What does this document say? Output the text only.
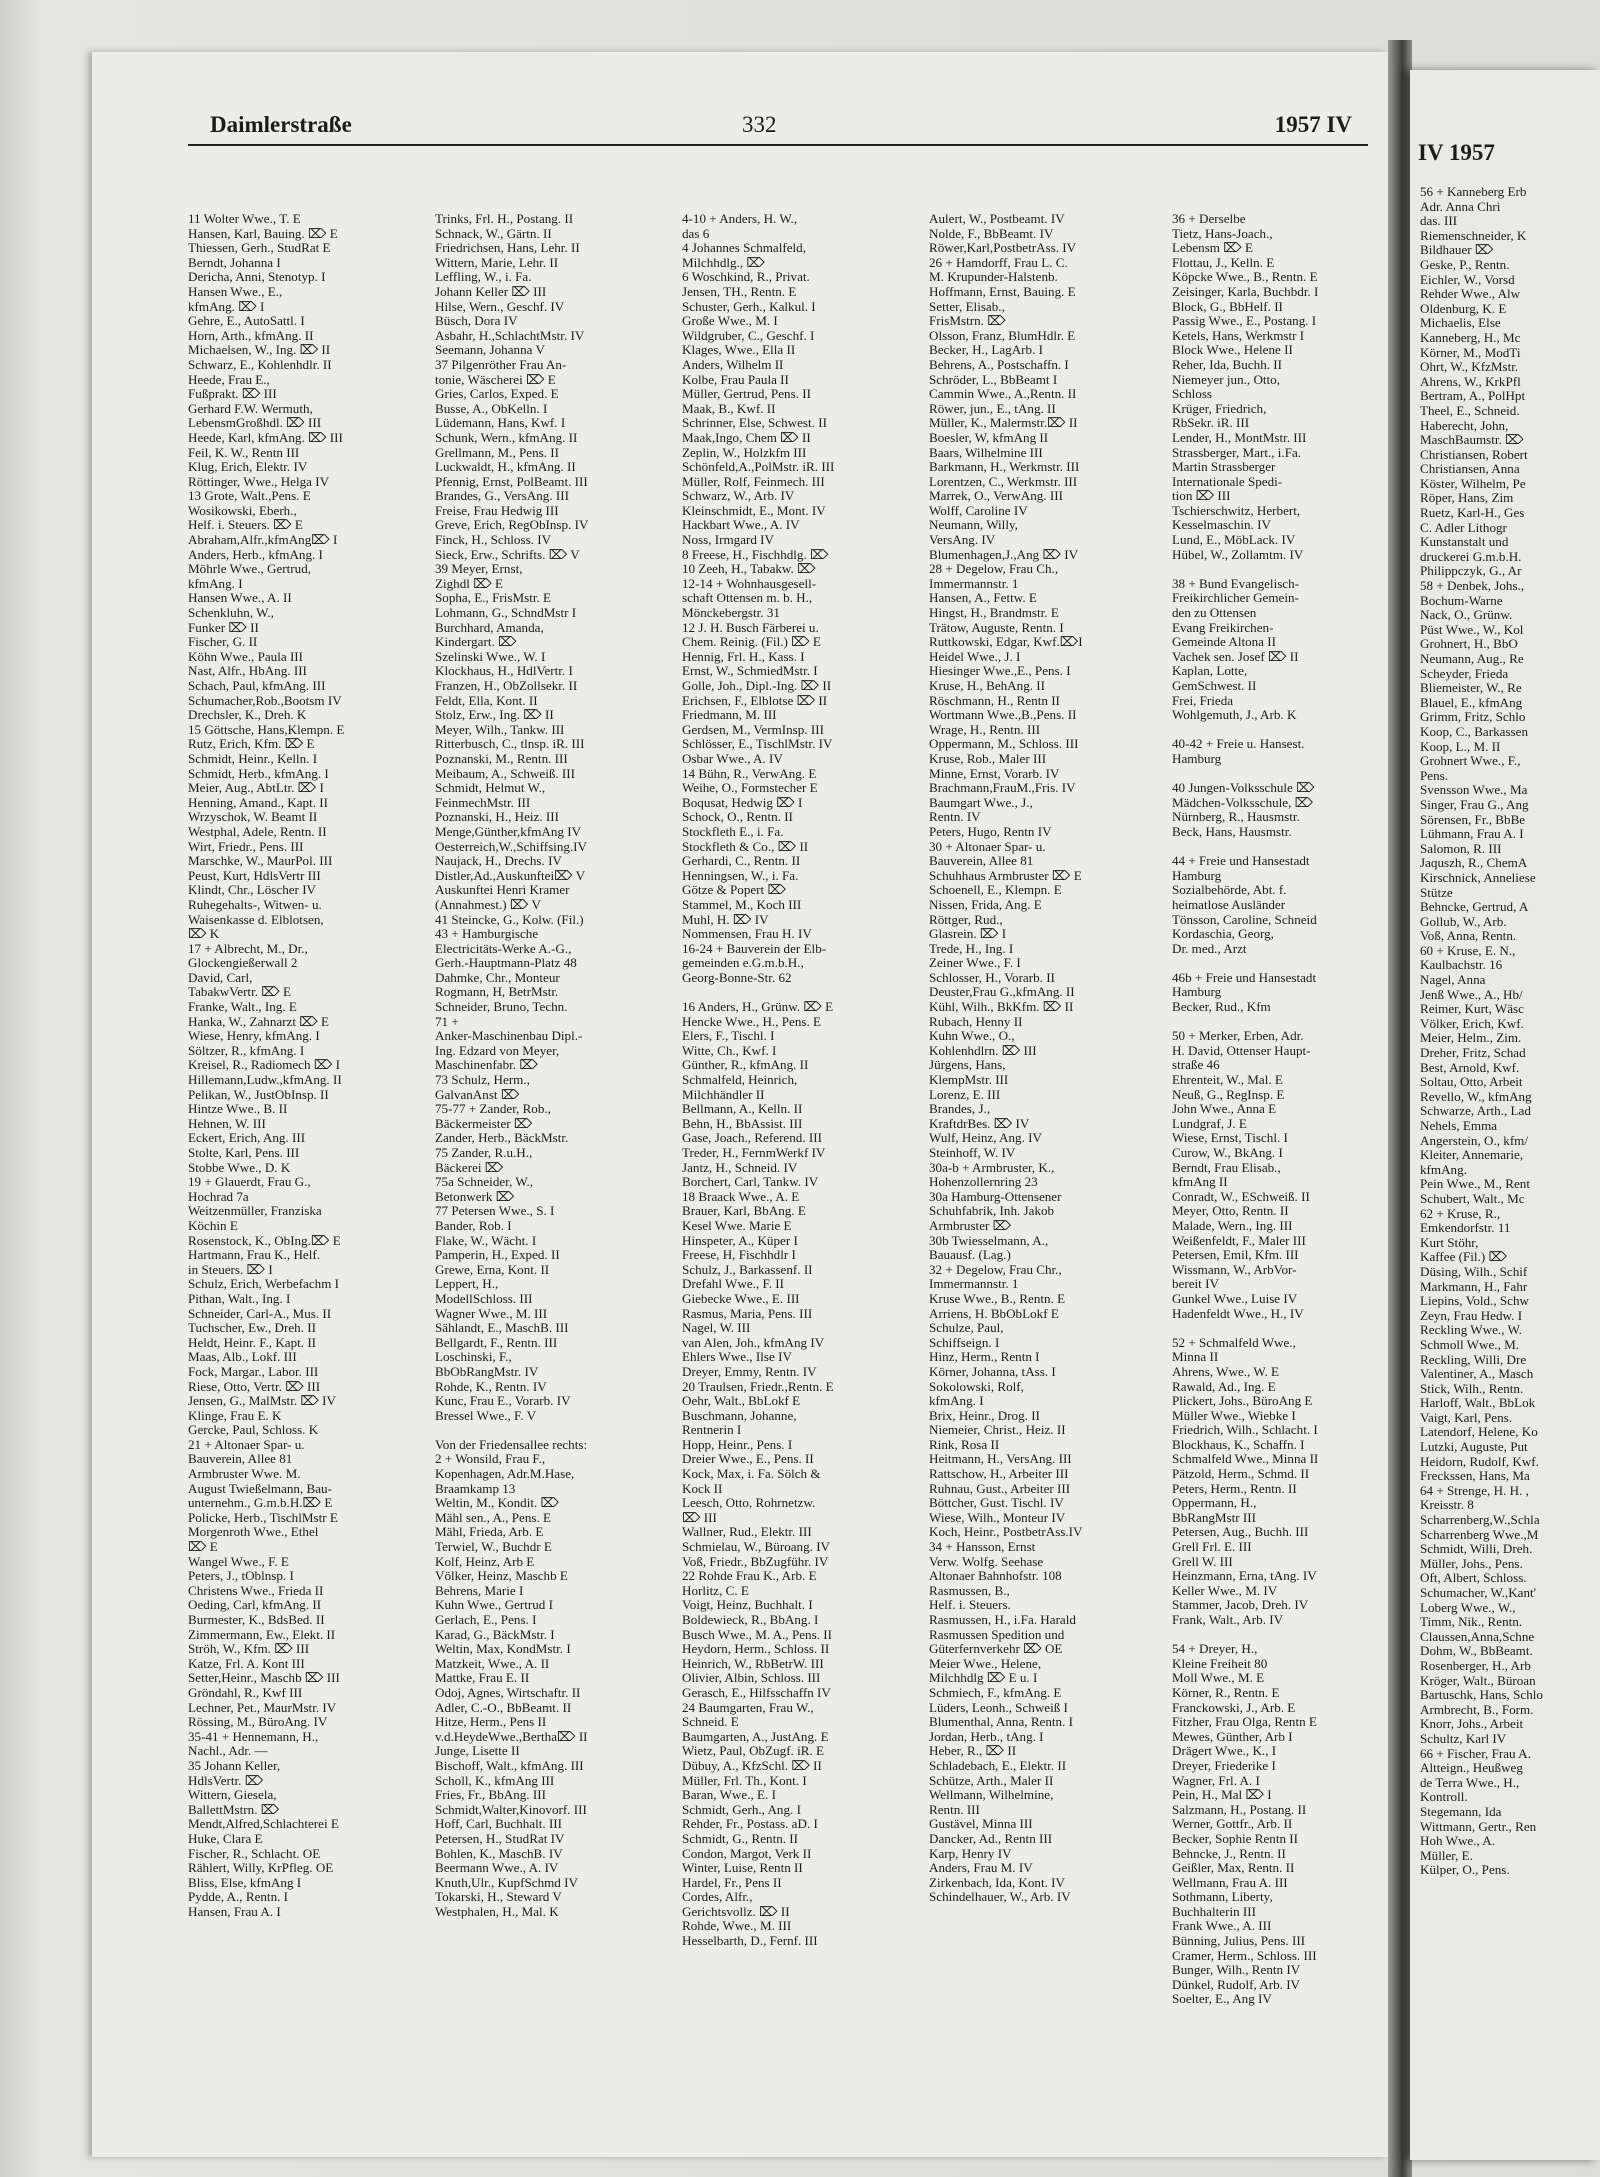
Daimlerstraße	332	1957 IV
11 Wolter Wwe., T. E
Hansen, Karl, Bauing. ⌦ E
Thiessen, Gerh., StudRat E
Berndt, Johanna I
Dericha, Anni, Stenotyp. I
Hansen Wwe., E.,
kfmAng. ⌦ I
Gehre, E., AutoSattl. I
Horn, Arth., kfmAng. II
Michaelsen, W., Ing. ⌦ II
Schwarz, E., Kohlenhdlr. II
Heede, Frau E.,
Fußprakt. ⌦ III
Gerhard F.W. Wermuth,
LebensmGroßhdl. ⌦ III
Heede, Karl, kfmAng. ⌦ III
Feil, K. W., Rentn III
Klug, Erich, Elektr. IV
Röttinger, Wwe., Helga IV
13 Grote, Walt.,Pens. E
Wosikowski, Eberh.,
Helf. i. Steuers. ⌦ E
Abraham,Alfr.,kfmAng⌦ I
Anders, Herb., kfmAng. I
Möhrle Wwe., Gertrud,
kfmAng. I
Hansen Wwe., A. II
Schenkluhn, W.,
Funker ⌦ II
Fischer, G. II
Köhn Wwe., Paula III
Nast, Alfr., HbAng. III
Schach, Paul, kfmAng. III
Schumacher,Rob.,Bootsm IV
Drechsler, K., Dreh. K
15 Göttsche, Hans,Klempn. E
Rutz, Erich, Kfm. ⌦ E
Schmidt, Heinr., Kelln. I
Schmidt, Herb., kfmAng. I
Meier, Aug., AbtLtr. ⌦ I
Henning, Amand., Kapt. II
Wrzyschok, W. Beamt II
Westphal, Adele, Rentn. II
Wirt, Friedr., Pens. III
Marschke, W., MaurPol. III
Peust, Kurt, HdlsVertr III
Klindt, Chr., Löscher IV
Ruhegehalts-, Witwen- u.
Waisenkasse d. Elblotsen,
⌦ K
17 + Albrecht, M., Dr.,
Glockengießerwall 2
David, Carl,
TabakwVertr. ⌦ E
Franke, Walt., Ing. E
Hanka, W., Zahnarzt ⌦ E
Wiese, Henry, kfmAng. I
Söltzer, R., kfmAng. I
Kreisel, R., Radiomech ⌦ I
Hillemann,Ludw.,kfmAng. II
Pelikan, W., JustObInsp. II
Hintze Wwe., B. II
Hehnen, W. III
Eckert, Erich, Ang. III
Stolte, Karl, Pens. III
Stobbe Wwe., D. K
19 + Glauerdt, Frau G.,
Hochrad 7a
Weitzenmüller, Franziska
Köchin E
Rosenstock, K., ObIng.⌦ E
Hartmann, Frau K., Helf.
in Steuers. ⌦ I
Schulz, Erich, Werbefachm I
Pithan, Walt., Ing. I
Schneider, Carl-A., Mus. II
Tuchscher, Ew., Dreh. II
Heldt, Heinr. F., Kapt. II
Maas, Alb., Lokf. III
Fock, Margar., Labor. III
Riese, Otto, Vertr. ⌦ III
Jensen, G., MalMstr. ⌦ IV
Klinge, Frau E. K
Gercke, Paul, Schloss. K
21 + Altonaer Spar- u.
Bauverein, Allee 81
Armbruster Wwe. M.
August Twießelmann, Bau-
unternehm., G.m.b.H.⌦ E
Policke, Herb., TischlMstr E
Morgenroth Wwe., Ethel
⌦ E
Wangel Wwe., F. E
Peters, J., tOblnsp. I
Christens Wwe., Frieda II
Oeding, Carl, kfmAng. II
Burmester, K., BdsBed. II
Zimmermann, Ew., Elekt. II
Ströh, W., Kfm. ⌦ III
Katze, Frl. A. Kont III
Setter,Heinr., Maschb ⌦ III
Gröndahl, R., Kwf III
Lechner, Pet., MaurMstr. IV
Rössing, M., BüroAng. IV
35-41 + Hennemann, H.,
Nachl., Adr. —
35 Johann Keller,
HdlsVertr. ⌦
Wittern, Giesela,
BallettMstrn. ⌦
Mendt,Alfred,Schlachterei E
Huke, Clara E
Fischer, R., Schlacht. OE
Rählert, Willy, KrPfleg. OE
Bliss, Else, kfmAng I
Pydde, A., Rentn. I
Hansen, Frau A. I
Trinks, Frl. H., Postang. II
Schnack, W., Gärtn. II
Friedrichsen, Hans, Lehr. II
Wittern, Marie, Lehr. II
Leffling, W., i. Fa.
Johann Keller ⌦ III
Hilse, Wern., Geschf. IV
Büsch, Dora IV
Asbahr, H.,SchlachtMstr. IV
Seemann, Johanna V
37 Pilgenröther Frau An-
tonie, Wäscherei ⌦ E
Gries, Carlos, Exped. E
Busse, A., ObKelln. I
Lüdemann, Hans, Kwf. I
Schunk, Wern., kfmAng. II
Grellmann, M., Pens. II
Luckwaldt, H., kfmAng. II
Pfennig, Ernst, PolBeamt. III
Brandes, G., VersAng. III
Freise, Frau Hedwig III
Greve, Erich, RegObInsp. IV
Finck, H., Schloss. IV
Sieck, Erw., Schrifts. ⌦ V
39 Meyer, Ernst,
Zighdl ⌦ E
Sopha, E., FrisMstr. E
Lohmann, G., SchndMstr I
Burchhard, Amanda,
Kindergart. ⌦
Szelinski Wwe., W. I
Klockhaus, H., HdlVertr. I
Franzen, H., ObZollsekr. II
Feldt, Ella, Kont. II
Stolz, Erw., Ing. ⌦ II
Meyer, Wilh., Tankw. III
Ritterbusch, C., tlnsp. iR. III
Poznanski, M., Rentn. III
Meibaum, A., Schweiß. III
Schmidt, Helmut W.,
FeinmechMstr. III
Poznanski, H., Heiz. III
Menge,Günther,kfmAng IV
Oesterreich,W.,Schiffsing.IV
Naujack, H., Drechs. IV
Distler,Ad.,Auskunftei⌦ V
Auskunftei Henri Kramer
(Annahmest.) ⌦ V
41 Steincke, G., Kolw. (Fil.)
43 + Hamburgische
Electricitäts-Werke A.-G.,
Gerh.-Hauptmann-Platz 48
Dahmke, Chr., Monteur
Rogmann, H, BetrMstr.
Schneider, Bruno, Techn.
71 +
Anker-Maschinenbau Dipl.-
Ing. Edzard von Meyer,
Maschinenfabr. ⌦
73 Schulz, Herm.,
GalvanAnst ⌦
75-77 + Zander, Rob.,
Bäckermeister ⌦
Zander, Herb., BäckMstr.
75 Zander, R.u.H.,
Bäckerei ⌦
75a Schneider, W.,
Betonwerk ⌦
77 Petersen Wwe., S. I
Bander, Rob. I
Flake, W., Wächt. I
Pamperin, H., Exped. II
Grewe, Erna, Kont. II
Leppert, H.,
ModellSchloss. III
Wagner Wwe., M. III
Sählandt, E., MaschB. III
Bellgardt, F., Rentn. III
Loschinski, F.,
BbObRangMstr. IV
Rohde, K., Rentn. IV
Kunc, Frau E., Vorarb. IV
Bressel Wwe., F. V
Von der Friedensallee rechts:
2 + Wonsild, Frau F.,
Kopenhagen, Adr.M.Hase,
Braamkamp 13
Weltin, M., Kondit. ⌦
Mähl sen., A., Pens. E
Mähl, Frieda, Arb. E
Terwiel, W., Buchdr E
Kolf, Heinz, Arb E
Völker, Heinz, Maschb E
Behrens, Marie I
Kuhn Wwe., Gertrud I
Gerlach, E., Pens. I
Karad, G., BäckMstr. I
Weltin, Max, KondMstr. I
Matzkeit, Wwe., A. II
Mattke, Frau E. II
Odoj, Agnes, Wirtschaftr. II
Adler, C.-O., BbBeamt. II
Hitze, Herm., Pens II
v.d.HeydeWwe.,Bertha⌦ II
Junge, Lisette II
Bischoff, Walt., kfmAng. III
Scholl, K., kfmAng III
Fries, Fr., BbAng. III
Schmidt,Walter,Kinovorf. III
Hoff, Carl, Buchhalt. III
Petersen, H., StudRat IV
Bohlen, K., MaschB. IV
Beermann Wwe., A. IV
Knuth,Ulr., KupfSchmd IV
Tokarski, H., Steward V
Westphalen, H., Mal. K
4-10 + Anders, H. W.,
das 6
4 Johannes Schmalfeld,
Milchhdlg., ⌦
6 Woschkind, R., Privat.
Jensen, TH., Rentn. E
Schuster, Gerh., Kalkul. I
Große Wwe., M. I
Wildgruber, C., Geschf. I
Klages, Wwe., Ella II
Anders, Wilhelm II
Kolbe, Frau Paula II
Müller, Gertrud, Pens. II
Maak, B., Kwf. II
Schrinner, Else, Schwest. II
Maak,Ingo, Chem ⌦ II
Zeplin, W., Holzkfm III
Schönfeld,A.,PolMstr. iR. III
Müller, Rolf, Feinmech. III
Schwarz, W., Arb. IV
Kleinschmidt, E., Mont. IV
Hackbart Wwe., A. IV
Noss, Irmgard IV
8 Freese, H., Fischhdlg. ⌦
10 Zeeh, H., Tabakw. ⌦
12-14 + Wohnhausgesell-
schaft Ottensen m. b. H.,
Mönckebergstr. 31
12 J. H. Busch Färberei u.
Chem. Reinig. (Fil.) ⌦ E
Hennig, Frl. H., Kass. I
Ernst, W., SchmiedMstr. I
Golle, Joh., Dipl.-Ing. ⌦ II
Erichsen, F., Elblotse ⌦ II
Friedmann, M. III
Gerdsen, M., VermInsp. III
Schlösser, E., TischlMstr. IV
Osbar Wwe., A. IV
14 Bühn, R., VerwAng. E
Weihe, O., Formstecher E
Boqusat, Hedwig ⌦ I
Schock, O., Rentn. II
Stockfleth E., i. Fa.
Stockfleth & Co., ⌦ II
Gerhardi, C., Rentn. II
Henningsen, W., i. Fa.
Götze & Popert ⌦
Stammel, M., Koch III
Muhl, H. ⌦ IV
Nommensen, Frau H. IV
16-24 + Bauverein der Elb-
gemeinden e.G.m.b.H.,
Georg-Bonne-Str. 62
16 Anders, H., Grünw. ⌦ E
Hencke Wwe., H., Pens. E
Elers, F., Tischl. I
Witte, Ch., Kwf. I
Günther, R., kfmAng. II
Schmalfeld, Heinrich,
Milchhändler II
Bellmann, A., Kelln. II
Behn, H., BbAssist. III
Gase, Joach., Referend. III
Treder, H., FernmWerkf IV
Jantz, H., Schneid. IV
Borchert, Carl, Tankw. IV
18 Braack Wwe., A. E
Brauer, Karl, BbAng. E
Kesel Wwe. Marie E
Hinspeter, A., Küper I
Freese, H, Fischhdlr I
Schulz, J., Barkassenf. II
Drefahl Wwe., F. II
Giebecke Wwe., E. III
Rasmus, Maria, Pens. III
Nagel, W. III
van Alen, Joh., kfmAng IV
Ehlers Wwe., Ilse IV
Dreyer, Emmy, Rentn. IV
20 Traulsen, Friedr.,Rentn. E
Oehr, Walt., BbLokf E
Buschmann, Johanne,
Rentnerin I
Hopp, Heinr., Pens. I
Dreier Wwe., E., Pens. II
Kock, Max, i. Fa. Sölch &
Kock II
Leesch, Otto, Rohrnetzw.
⌦ III
Wallner, Rud., Elektr. III
Schmielau, W., Büroang. IV
Voß, Friedr., BbZugführ. IV
22 Rohde Frau K., Arb. E
Horlitz, C. E
Voigt, Heinz, Buchhalt. I
Boldewieck, R., BbAng. I
Busch Wwe., M. A., Pens. II
Heydorn, Herm., Schloss. II
Heinrich, W., RbBetrW. III
Olivier, Albin, Schloss. III
Gerasch, E., Hilfsschaffn IV
24 Baumgarten, Frau W.,
Schneid. E
Baumgarten, A., JustAng. E
Wietz, Paul, ObZugf. iR. E
Dübuy, A., KfzSchl. ⌦ II
Müller, Frl. Th., Kont. I
Baran, Wwe., E. I
Schmidt, Gerh., Ang. I
Rehder, Fr., Postass. aD. I
Schmidt, G., Rentn. II
Condon, Margot, Verk II
Winter, Luise, Rentn II
Hardel, Fr., Pens II
Cordes, Alfr.,
Gerichtsvollz. ⌦ II
Rohde, Wwe., M. III
Hesselbarth, D., Fernf. III
Aulert, W., Postbeamt. IV
Nolde, F., BbBeamt. IV
Röwer,Karl,PostbetrAss. IV
26 + Hamdorff, Frau L. C.
M. Krupunder-Halstenb.
Hoffmann, Ernst, Bauing. E
Setter, Elisab.,
FrisMstrn. ⌦
Olsson, Franz, BlumHdlr. E
Becker, H., LagArb. I
Behrens, A., Postschaffn. I
Schröder, L., BbBeamt I
Cammin Wwe., A.,Rentn. II
Röwer, jun., E., tAng. II
Müller, K., Malermstr.⌦ II
Boesler, W, kfmAng II
Baars, Wilhelmine III
Barkmann, H., Werkmstr. III
Lorentzen, C., Werkmstr. III
Marrek, O., VerwAng. III
Wolff, Caroline IV
Neumann, Willy,
VersAng. IV
Blumenhagen,J.,Ang ⌦ IV
28 + Degelow, Frau Ch.,
Immermannstr. 1
Hansen, A., Fettw. E
Hingst, H., Brandmstr. E
Trätow, Auguste, Rentn. I
Ruttkowski, Edgar, Kwf.⌦I
Heidel Wwe., J. I
Hiesinger Wwe.,E., Pens. I
Kruse, H., BehAng. II
Röschmann, H., Rentn II
Wortmann Wwe.,B.,Pens. II
Wrage, H., Rentn. III
Oppermann, M., Schloss. III
Kruse, Rob., Maler III
Minne, Ernst, Vorarb. IV
Brachmann,FrauM.,Fris. IV
Baumgart Wwe., J.,
Rentn. IV
Peters, Hugo, Rentn IV
30 + Altonaer Spar- u.
Bauverein, Allee 81
Schuhhaus Armbruster ⌦ E
Schoenell, E., Klempn. E
Nissen, Frida, Ang. E
Röttger, Rud.,
Glasrein. ⌦ I
Trede, H., Ing. I
Zeiner Wwe., F. I
Schlosser, H., Vorarb. II
Deuster,Frau G.,kfmAng. II
Kühl, Wilh., BkKfm. ⌦ II
Rubach, Henny II
Kuhn Wwe., O.,
Kohlenhdlrn. ⌦ III
Jürgens, Hans,
KlempMstr. III
Lorenz, E. III
Brandes, J.,
KraftdrBes. ⌦ IV
Wulf, Heinz, Ang. IV
Steinhoff, W. IV
30a-b + Armbruster, K.,
Hohenzollernring 23
30a Hamburg-Ottensener
Schuhfabrik, Inh. Jakob
Armbruster ⌦
30b Twiesselmann, A.,
Bauausf. (Lag.)
32 + Degelow, Frau Chr.,
Immermannstr. 1
Kruse Wwe., B., Rentn. E
Arriens, H. BbObLokf E
Schulze, Paul,
Schiffseign. I
Hinz, Herm., Rentn I
Körner, Johanna, tAss. I
Sokolowski, Rolf,
kfmAng. I
Brix, Heinr., Drog. II
Niemeier, Christ., Heiz. II
Rink, Rosa II
Heitmann, H., VersAng. III
Rattschow, H., Arbeiter III
Ruhnau, Gust., Arbeiter III
Böttcher, Gust. Tischl. IV
Wiese, Wilh., Monteur IV
Koch, Heinr., PostbetrAss.IV
34 + Hansson, Ernst
Verw. Wolfg. Seehase
Altonaer Bahnhofstr. 108
Rasmussen, B.,
Helf. i. Steuers.
Rasmussen, H., i.Fa. Harald
Rasmussen Spedition und
Güterfernverkehr ⌦ OE
Meier Wwe., Helene,
Milchhdlg ⌦ E u. I
Schmiech, F., kfmAng. E
Lüders, Leonh., Schweiß I
Blumenthal, Anna, Rentn. I
Jordan, Herb., tAng. I
Heber, R., ⌦ II
Schladebach, E., Elektr. II
Schütze, Arth., Maler II
Wellmann, Wilhelmine,
Rentn. III
Gustävel, Minna III
Dancker, Ad., Rentn III
Karp, Henry IV
Anders, Frau M. IV
Zirkenbach, Ida, Kont. IV
Schindelhauer, W., Arb. IV
36 + Derselbe
Tietz, Hans-Joach.,
Lebensm ⌦ E
Flottau, J., Kelln. E
Köpcke Wwe., B., Rentn. E
Zeisinger, Karla, Buchbdr. I
Block, G., BbHelf. II
Passig Wwe., E., Postang. I
Ketels, Hans, Werkmstr I
Block Wwe., Helene II
Reher, Ida, Buchh. II
Niemeyer jun., Otto,
Schloss
Krüger, Friedrich,
RbSekr. iR. III
Lender, H., MontMstr. III
Strassberger, Mart., i.Fa.
Martin Strassberger
Internationale Spedi-
tion ⌦ III
Tschierschwitz, Herbert,
Kesselmaschin. IV
Lund, E., MöbLack. IV
Hübel, W., Zollamtm. IV
38 + Bund Evangelisch-
Freikirchlicher Gemein-
den zu Ottensen
Evang Freikirchen-
Gemeinde Altona II
Vachek sen. Josef ⌦ II
Kaplan, Lotte,
GemSchwest. II
Frei, Frieda
Wohlgemuth, J., Arb. K
40-42 + Freie u. Hansest.
Hamburg
40 Jungen-Volksschule ⌦
Mädchen-Volksschule, ⌦
Nürnberg, R., Hausmstr.
Beck, Hans, Hausmstr.
44 + Freie und Hansestadt
Hamburg
Sozialbehörde, Abt. f.
heimatlose Ausländer
Tönsson, Caroline, Schneid
Kordaschia, Georg,
Dr. med., Arzt
46b + Freie und Hansestadt
Hamburg
Becker, Rud., Kfm
50 + Merker, Erben, Adr.
H. David, Ottenser Haupt-
straße 46
Ehrenteit, W., Mal. E
Neuß, G., RegInsp. E
John Wwe., Anna E
Lundgraf, J. E
Wiese, Ernst, Tischl. I
Curow, W., BkAng. I
Berndt, Frau Elisab.,
kfmAng II
Conradt, W., ESchweiß. II
Meyer, Otto, Rentn. II
Malade, Wern., Ing. III
Weißenfeldt, F., Maler III
Petersen, Emil, Kfm. III
Wissmann, W., ArbVor-
bereit IV
Gunkel Wwe., Luise IV
Hadenfeldt Wwe., H., IV
52 + Schmalfeld Wwe.,
Minna II
Ahrens, Wwe., W. E
Rawald, Ad., Ing. E
Plickert, Johs., BüroAng E
Müller Wwe., Wiebke I
Friedrich, Wilh., Schlacht. I
Blockhaus, K., Schaffn. I
Schmalfeld Wwe., Minna II
Pätzold, Herm., Schmd. II
Peters, Herm., Rentn. II
Oppermann, H.,
BbRangMstr III
Petersen, Aug., Buchh. III
Grell Frl. E. III
Grell W. III
Heinzmann, Erna, tAng. IV
Keller Wwe., M. IV
Stammer, Jacob, Dreh. IV
Frank, Walt., Arb. IV
54 + Dreyer, H.,
Kleine Freiheit 80
Moll Wwe., M. E
Körner, R., Rentn. E
Franckowski, J., Arb. E
Fitzher, Frau Olga, Rentn E
Mewes, Günther, Arb I
Drägert Wwe., K., I
Dreyer, Friederike I
Wagner, Frl. A. I
Pein, H., Mal ⌦ I
Salzmann, H., Postang. II
Werner, Gottfr., Arb. II
Becker, Sophie Rentn II
Behncke, J., Rentn. II
Geißler, Max, Rentn. II
Wellmann, Frau A. III
Sothmann, Liberty,
Buchhalterin III
Frank Wwe., A. III
Bünning, Julius, Pens. III
Cramer, Herm., Schloss. III
Bunger, Wilh., Rentn IV
Dünkel, Rudolf, Arb. IV
Soelter, E., Ang IV
IV 1957
56 + Kanneberg Erb
Adr. Anna Chri
das. III
Riemenschneider, K
Bildhauer ⌦
Geske, P., Rentn.
Eichler, W., Vorsd
Rehder Wwe., Alw
Oldenburg, K. E
Michaelis, Else
Kanneberg, H., Mc
Körner, M., ModTi
Ohrt, W., KfzMstr.
Ahrens, W., KrkPfl
Bertram, A., PolHpt
Theel, E., Schneid.
Haberecht, John,
MaschBaumstr. ⌦
Christiansen, Robert
Christiansen, Anna
Köster, Wilhelm, Pe
Röper, Hans, Zim
Ruetz, Karl-H., Ges
C. Adler Lithogr
Kunstanstalt und
druckerei G.m.b.H.
Philippczyk, G., Ar
58 + Denbek, Johs.,
Bochum-Warne
Nack, O., Grünw.
Püst Wwe., W., Kol
Grohnert, H., BbO
Neumann, Aug., Re
Scheyder, Frieda
Bliemeister, W., Re
Blauel, E., kfmAng
Grimm, Fritz, Schlo
Koop, C., Barkassen
Koop, L., M. II
Grohnert Wwe., F.,
Pens.
Svensson Wwe., Ma
Singer, Frau G., Ang
Sörensen, Fr., BbBe
Lühmann, Frau A. I
Salomon, R. III
Jaquszh, R., ChemA
Kirschnick, Anneliese
Stütze
Behncke, Gertrud, A
Gollub, W., Arb.
Voß, Anna, Rentn.
60 + Kruse, E. N.,
Kaulbachstr. 16
Nagel, Anna
Jenß Wwe., A., Hb/
Reimer, Kurt, Wäsc
Völker, Erich, Kwf.
Meier, Helm., Zim.
Dreher, Fritz, Schad
Best, Arnold, Kwf.
Soltau, Otto, Arbeit
Revello, W., kfmAng
Schwarze, Arth., Lad
Nehels, Emma
Angerstein, O., kfm/
Kleiter, Annemarie,
kfmAng.
Pein Wwe., M., Rent
Schubert, Walt., Mc
62 + Kruse, R.,
Emkendorfstr. 11
Kurt Stöhr,
Kaffee (Fil.) ⌦
Düsing, Wilh., Schif
Markmann, H., Fahr
Liepins, Vold., Schw
Zeyn, Frau Hedw. I
Reckling Wwe., W.
Schmoll Wwe., M.
Reckling, Willi, Dre
Valentiner, A., Masch
Stick, Wilh., Rentn.
Harloff, Walt., BbLok
Vaigt, Karl, Pens.
Latendorf, Helene, Ko
Lutzki, Auguste, Put
Heidorn, Rudolf, Kwf.
Freckssen, Hans, Ma
64 + Strenge, H. H. ,
Kreisstr. 8
Scharrenberg,W.,Schla
Scharrenberg Wwe.,M
Schmidt, Willi, Dreh.
Müller, Johs., Pens.
Oft, Albert, Schloss.
Schumacher, W.,Kant'
Loberg Wwe., W.,
Timm, Nik., Rentn.
Claussen,Anna,Schne
Dohm, W., BbBeamt.
Rosenberger, H., Arb
Kröger, Walt., Büroan
Bartuschk, Hans, Schlo
Armbrecht, B., Form.
Knorr, Johs., Arbeit
Schultz, Karl IV
66 + Fischer, Frau A.
Altteign., Heußweg
de Terra Wwe., H.,
Kontroll.
Stegemann, Ida
Wittmann, Gertr., Ren
Hoh Wwe., A.
Müller, E.
Külper, O., Pens.
